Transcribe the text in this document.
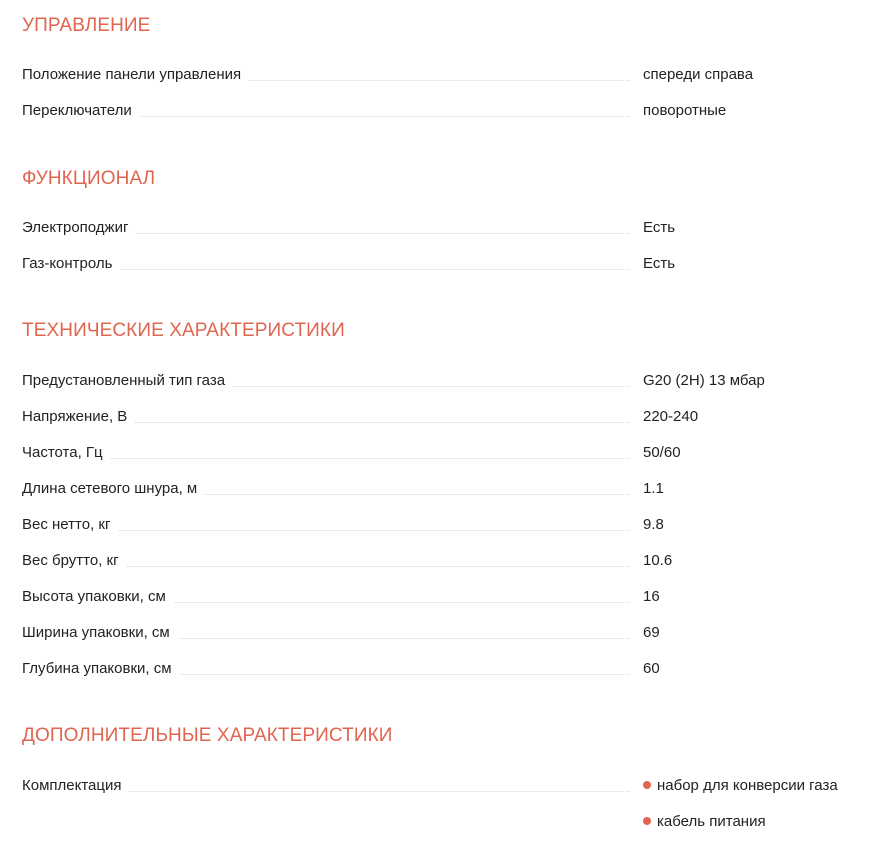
УПРАВЛЕНИЕ
Положение панели управления	спереди справа
Переключатели	поворотные
ФУНКЦИОНАЛ
Электроподжиг	Есть
Газ-контроль	Есть
ТЕХНИЧЕСКИЕ ХАРАКТЕРИСТИКИ
Предустановленный тип газа	G20 (2H) 13 мбар
Напряжение, В	220-240
Частота, Гц	50/60
Длина сетевого шнура, м	1.1
Вес нетто, кг	9.8
Вес брутто, кг	10.6
Высота упаковки, см	16
Ширина упаковки, см	69
Глубина упаковки, см	60
ДОПОЛНИТЕЛЬНЫЕ ХАРАКТЕРИСТИКИ
Комплектация	набор для конверсии газа
кабель питания
